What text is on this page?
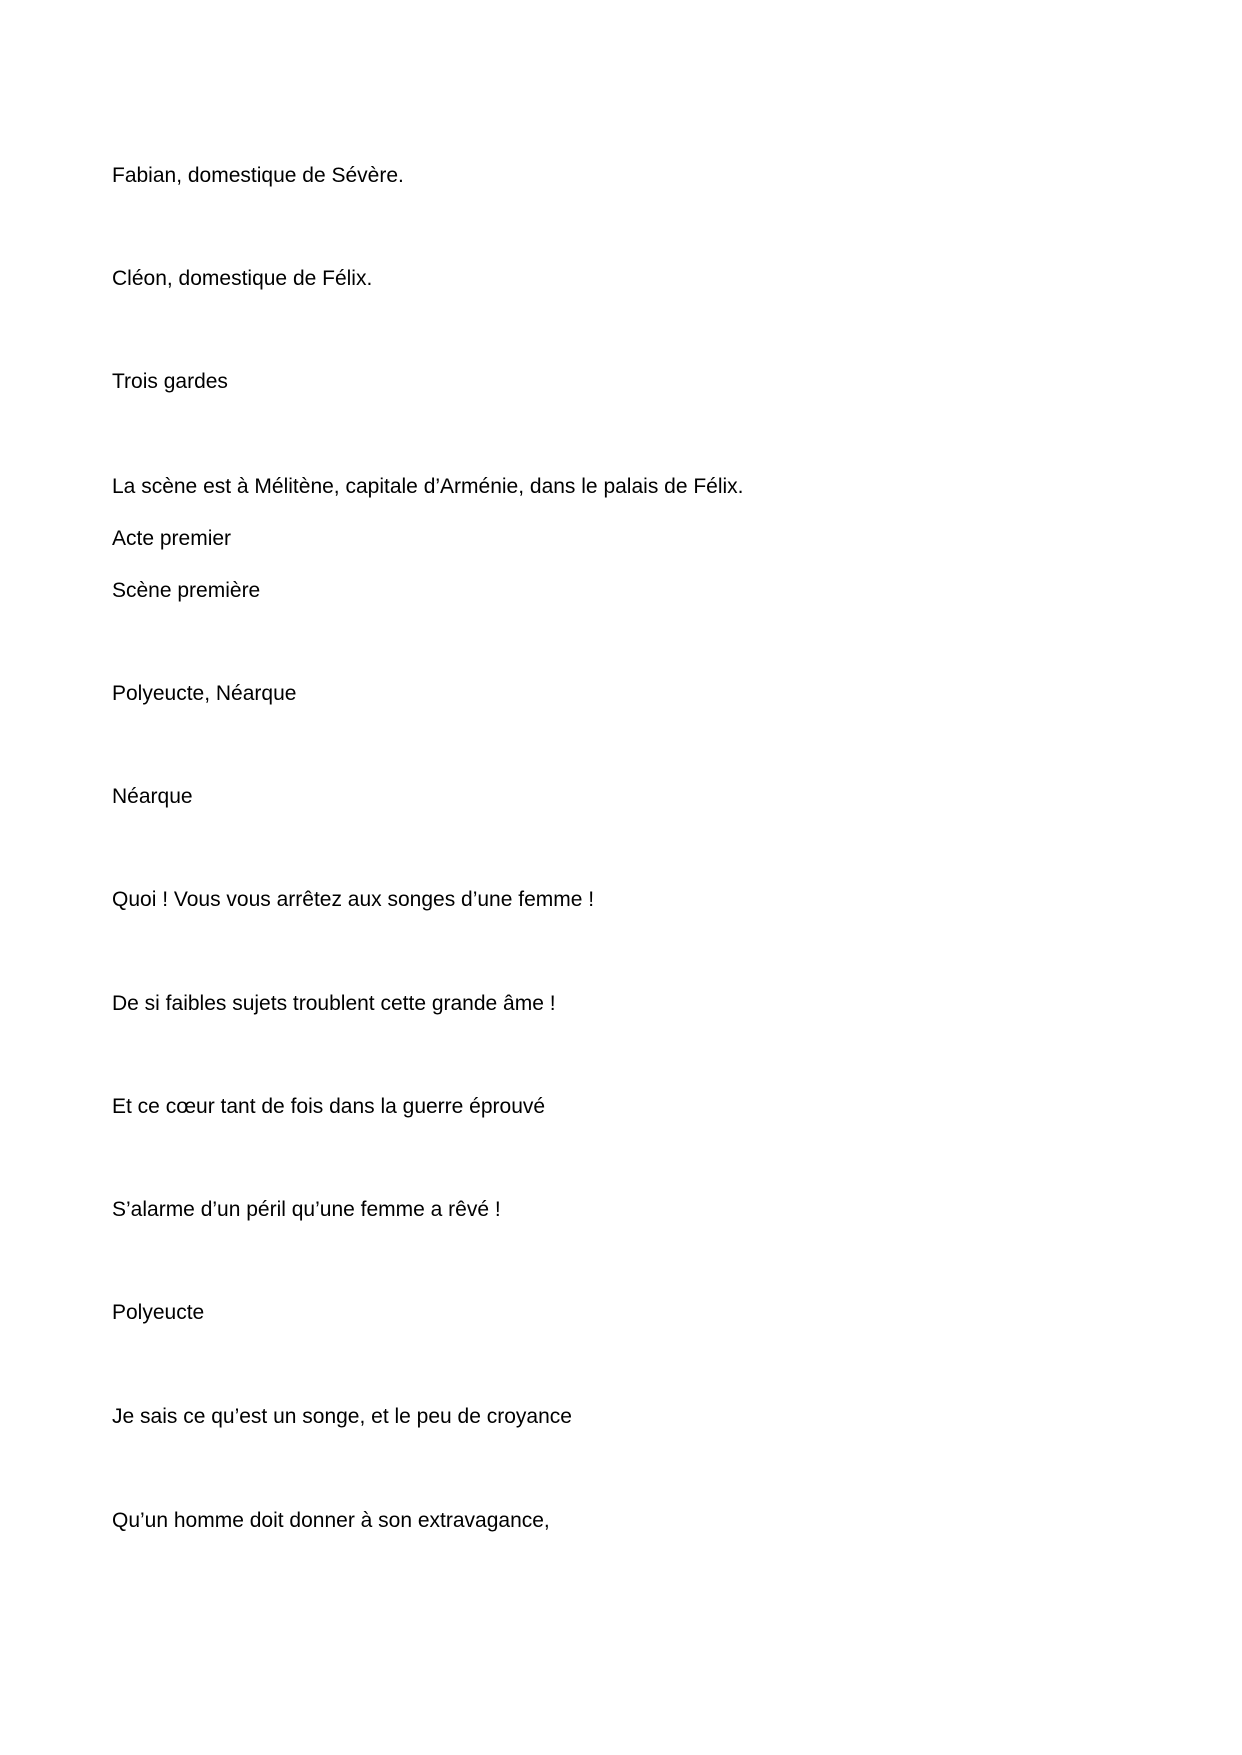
Fabian, domestique de Sévère.

Cléon, domestique de Félix.

Trois gardes

La scène est à Mélitène, capitale d’Arménie, dans le palais de Félix.

Acte premier

Scène première

Polyeucte, Néarque

Néarque

Quoi ! Vous vous arrêtez aux songes d’une femme !

De si faibles sujets troublent cette grande âme !

Et ce cœur tant de fois dans la guerre éprouvé

S’alarme d’un péril qu’une femme a rêvé !

Polyeucte

Je sais ce qu’est un songe, et le peu de croyance

Qu’un homme doit donner à son extravagance,
